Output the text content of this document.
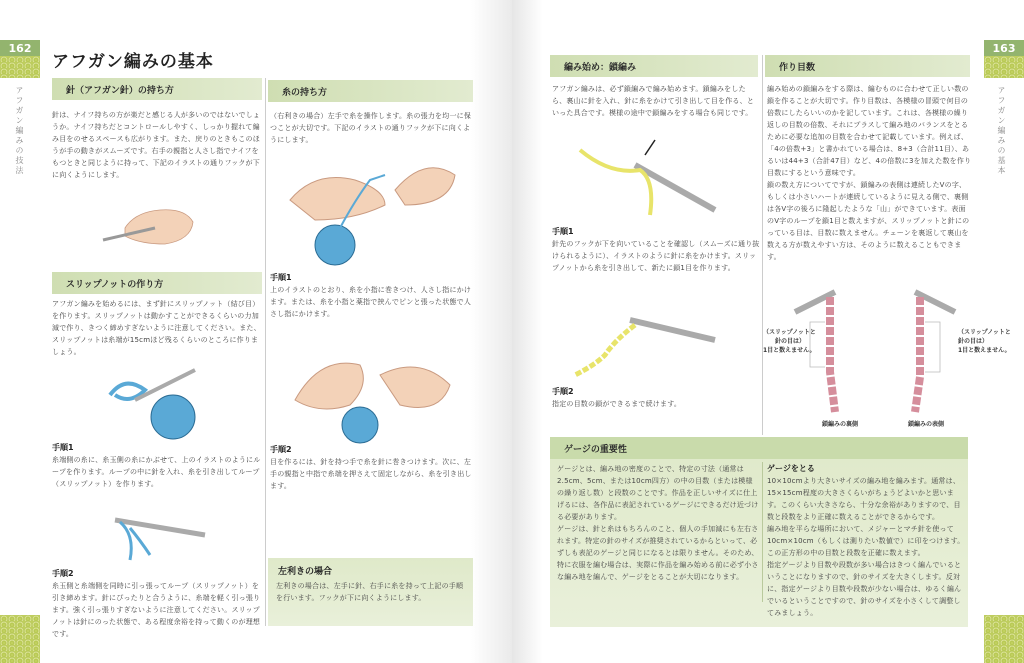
162
アフガン編みの技法
163
アフガン編みの基本
アフガン編みの基本
針（アフガン針）の持ち方
針は、ナイフ持ちの方が楽だと感じる人が多いのではないでしょうか。ナイフ持ちだとコントロールしやすく、しっかり握れて編み目をのせるスペースも広がります。また、戻りのときもこのほうが手の動きがスムーズです。右手の親指と人さし指でナイフをもつときと同じように持って、下記のイラストの通りフックが下に向くようにします。
スリップノットの作り方
アフガン編みを始めるには、まず針にスリップノット（結び目）を作ります。スリップノットは動かすことができるくらいの力加減で作り、きつく締めすぎないように注意してください。また、スリップノットは糸端が15cmほど残るくらいのところに作りましょう。
手順1
糸端側の糸に、糸玉側の糸にかぶせて、上のイラストのようにループを作ります。ループの中に針を入れ、糸を引き出してループ（スリップノット）を作ります。
手順2
糸玉側と糸端側を同時に引っ張ってループ（スリップノット）を引き締めます。針にぴったりと合うように、糸端を軽く引っ張ります。強く引っ張りすぎないように注意してください。スリップノットは針にのった状態で、ある程度余裕を持って動くのが理想です。
糸の持ち方
（右利きの場合）左手で糸を操作します。糸の張力を均一に保つことが大切です。下記のイラストの通りフックが下に向くようにします。
手順1
上のイラストのとおり、糸を小指に巻きつけ、人さし指にかけます。または、糸を小指と薬指で挟んでピンと張った状態で人さし指にかけます。
手順2
目を作るには、針を持つ手で糸を針に巻きつけます。次に、左手の親指と中指で糸端を押さえて固定しながら、糸を引き出します。
左利きの場合
左利きの場合は、左手に針、右手に糸を持って上記の手順を行います。フックが下に向くようにします。
編み始め：鎖編み
アフガン編みは、必ず鎖編みで編み始めます。鎖編みをしたら、裏山に針を入れ、針に糸をかけて引き出して目を作る、といった具合です。模様の途中で鎖編みをする場合も同じです。
手順1
針先のフックが下を向いていることを確認し（スムーズに通り抜けられるように）、イラストのように針に糸をかけます。スリップノットから糸を引き出して、新たに鎖1目を作ります。
手順2
指定の目数の鎖ができるまで続けます。
作り目数
編み始めの鎖編みをする際は、編むものに合わせて正しい数の鎖を作ることが大切です。作り目数は、各模様の冒頭で何目の倍数にしたらいいのかを記しています。これは、各模様の繰り返しの目数の倍数、それにプラスして編み地のバランスをとるために必要な追加の目数を合わせて記載しています。例えば、「4の倍数+3」と書かれている場合は、8+3（合計11目）、あるいは44+3（合計47目）など、4の倍数に3を加えた数を作り目数にするという意味です。
鎖の数え方についてですが、鎖編みの表側は連続したVの字、もしくは小さいハートが連続しているように見える側で、裏側は各V字の後ろに隆起したような「山」ができています。表面のV字のループを鎖1目と数えますが、スリップノットと針にのっている目は、目数に数えません。チェーンを裏返して裏山を数える方が数えやすい方は、そのように数えることもできます。
（スリップノットと
　　針の目は）
1目と数えません。
（スリップノットと
針の目は）
1目と数えません。
鎖編みの裏側	鎖編みの表側
ゲージの重要性
ゲージとは、編み地の密度のことで、特定の寸法（通常は2.5cm、5cm、または10cm四方）の中の目数（または模様の繰り返し数）と段数のことです。作品を正しいサイズに仕上げるには、各作品に表記されているゲージにできるだけ近づける必要があります。
ゲージは、針と糸はもちろんのこと、個人の手加減にも左右されます。特定の針のサイズが推奨されているからといって、必ずしも表記のゲージと同じになるとは限りません。そのため、特に衣服を編む場合は、実際に作品を編み始める前に必ず小さな編み地を編んで、ゲージをとることが大切になります。
ゲージをとる
10×10cmより大きいサイズの編み地を編みます。通常は、15×15cm程度の大きさくらいがちょうどよいかと思います。このくらい大きさなら、十分な余裕がありますので、目数と段数をより正確に数えることができるからです。
編み地を平らな場所において、メジャーとマチ針を使って10cm×10cm（もしくは測りたい数値で）に印をつけます。この正方形の中の目数と段数を正確に数えます。
指定ゲージより目数や段数が多い場合はきつく編んでいるということになりますので、針のサイズを大きくします。反対に、指定ゲージより目数や段数が少ない場合は、ゆるく編んでいるということですので、針のサイズを小さくして調整してみましょう。
